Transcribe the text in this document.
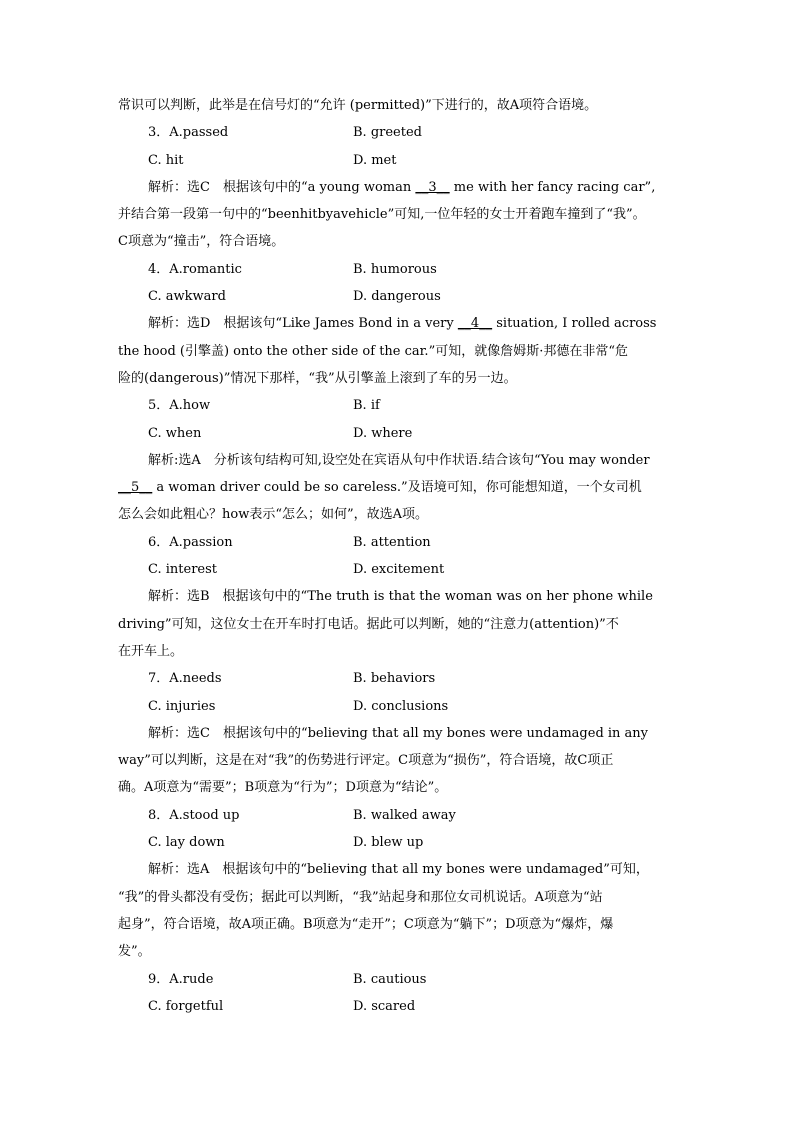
常识可以判断，此举是在信号灯的“允许 (permitted)”下进行的，故A项符合语境。
3．A.passed	B. greeted
C. hit	D. met
解析：选C　根据该句中的“a young woman __3__ me with her fancy racing car”,
并结合第一段第一句中的“beenhitbyavehicle”可知,一位年轻的女士开着跑车撞到了“我”。
C项意为“撞击”，符合语境。
4．A.romantic	B. humorous
C. awkward	D. dangerous
解析：选D　根据该句“Like James Bond in a very __4__ situation, I rolled across
the hood (引擎盖) onto the other side of the car.”可知，就像詹姆斯·邦德在非常“危
险的(dangerous)”情况下那样，“我”从引擎盖上滚到了车的另一边。
5．A.how	B. if
C. when	D. where
解析:选A　分析该句结构可知,设空处在宾语从句中作状语.结合该句“You may wonder
__5__ a woman driver could be so careless.”及语境可知，你可能想知道，一个女司机
怎么会如此粗心？how表示“怎么；如何”，故选A项。
6．A.passion	B. attention
C. interest	D. excitement
解析：选B　根据该句中的“The truth is that the woman was on her phone while
driving”可知，这位女士在开车时打电话。据此可以判断，她的“注意力(attention)”不
在开车上。
7．A.needs	B. behaviors
C. injuries	D. conclusions
解析：选C　根据该句中的“believing that all my bones were undamaged in any
way”可以判断，这是在对“我”的伤势进行评定。C项意为“损伤”，符合语境，故C项正
确。A项意为“需要”；B项意为“行为”；D项意为“结论”。
8．A.stood up	B. walked away
C. lay down	D. blew up
解析：选A　根据该句中的“believing that all my bones were undamaged”可知，
“我”的骨头都没有受伤；据此可以判断，“我”站起身和那位女司机说话。A项意为“站
起身”，符合语境，故A项正确。B项意为“走开”；C项意为“躺下”；D项意为“爆炸，爆
发”。
9．A.rude	B. cautious
C. forgetful	D. scared
